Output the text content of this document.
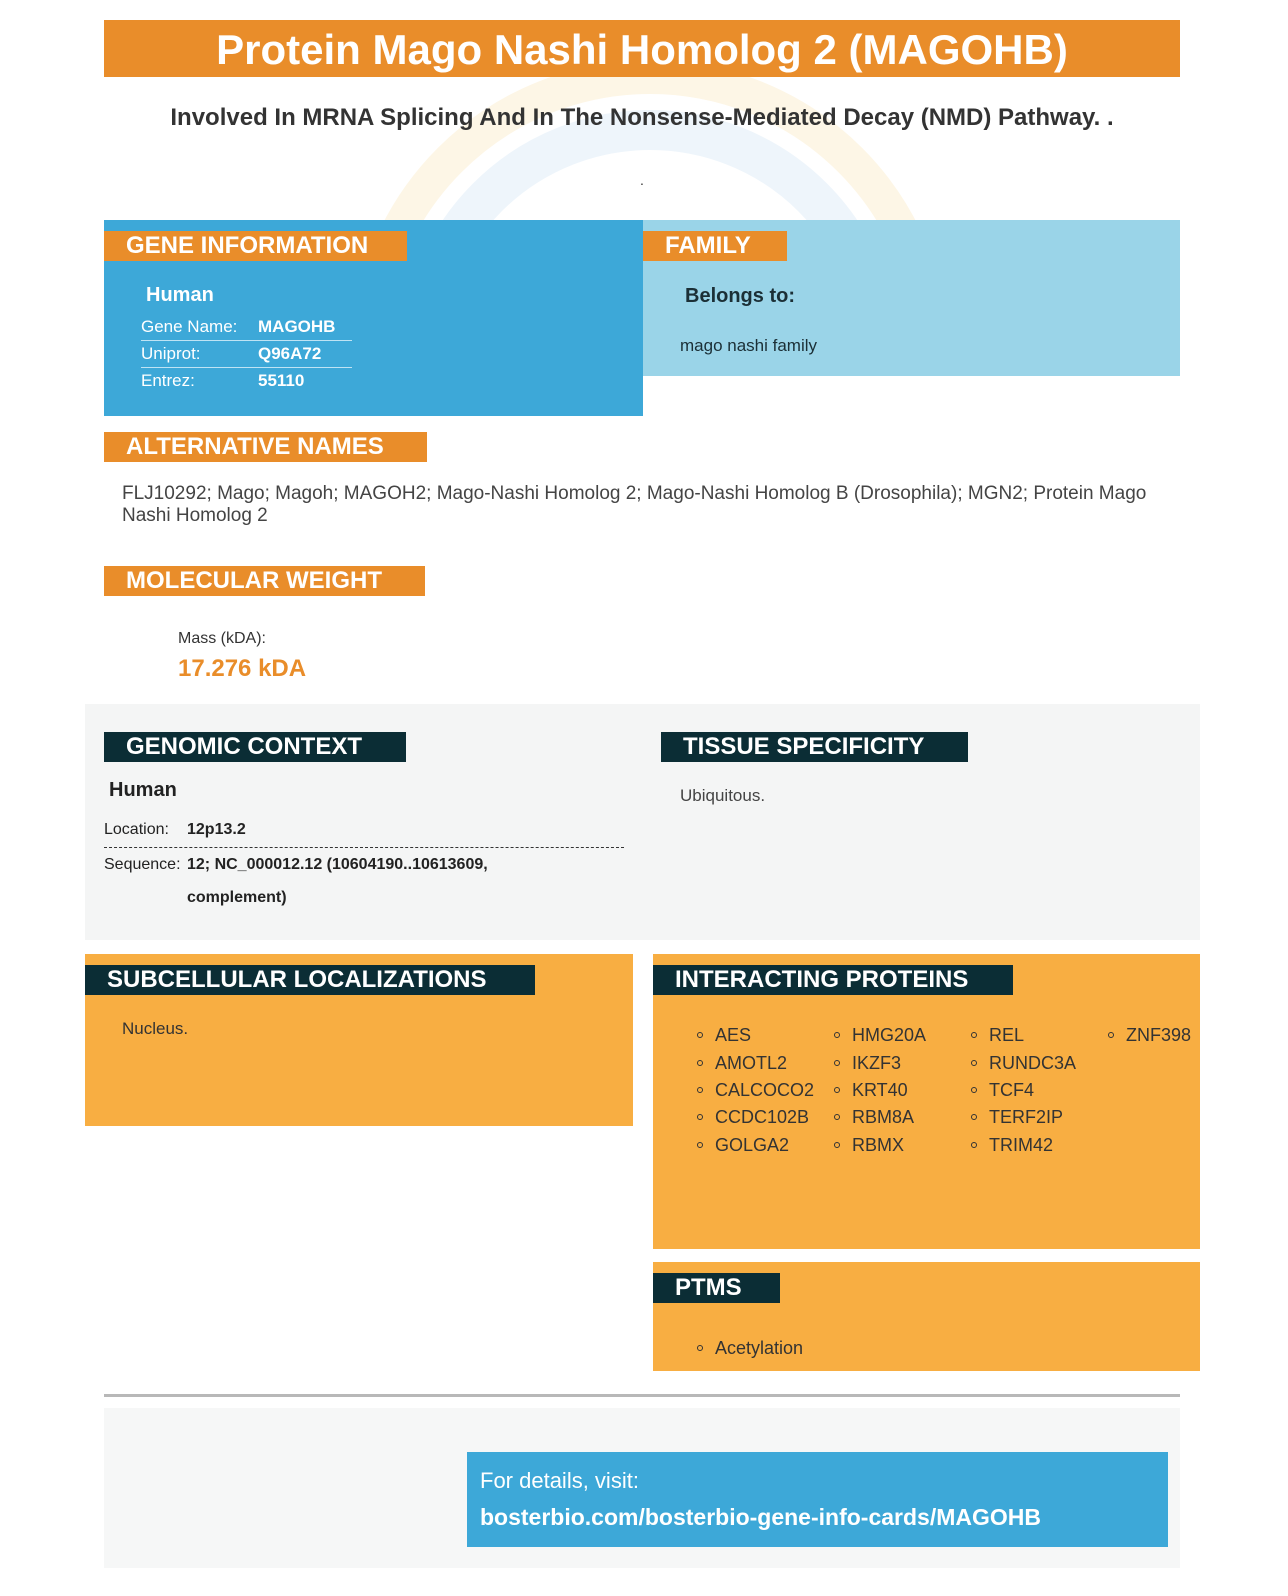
Protein Mago Nashi Homolog 2 (MAGOHB)
Involved In MRNA Splicing And In The Nonsense-Mediated Decay (NMD) Pathway. .
.
GENE INFORMATION
Human
Gene Name: MAGOHB
Uniprot:	Q96A72
Entrez:	55110
FAMILY
Belongs to:
mago nashi family
ALTERNATIVE NAMES
FLJ10292; Mago; Magoh; MAGOH2; Mago-Nashi Homolog 2; Mago-Nashi Homolog B (Drosophila); MGN2; Protein Mago Nashi Homolog 2
MOLECULAR WEIGHT
Mass (kDA):
17.276 kDA
GENOMIC CONTEXT
Human
Location: 12p13.2
Sequence: 12; NC_000012.12 (10604190..10613609,
complement)
TISSUE SPECIFICITY
Ubiquitous.
SUBCELLULAR LOCALIZATIONS
Nucleus.
INTERACTING PROTEINS
AES
AMOTL2
CALCOCO2
CCDC102B
GOLGA2
HMG20A
IKZF3
KRT40
RBM8A
RBMX
REL
RUNDC3A
TCF4
TERF2IP
TRIM42
ZNF398
PTMS
Acetylation
For details, visit:
bosterbio.com/bosterbio-gene-info-cards/MAGOHB
